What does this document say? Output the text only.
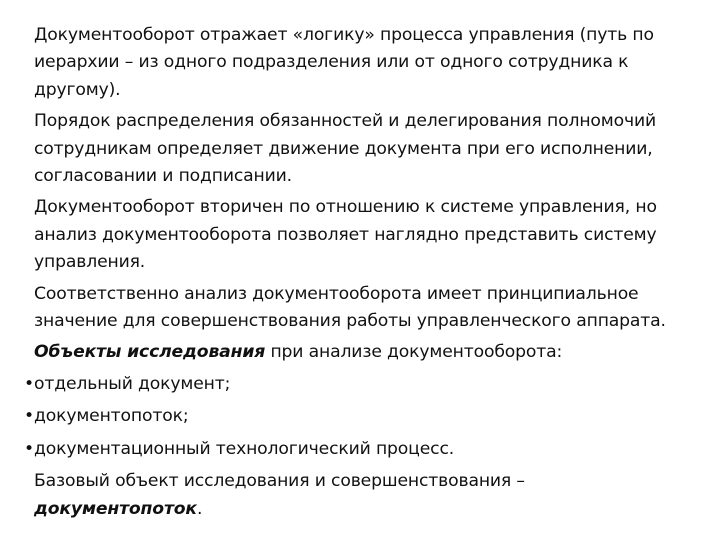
Документооборот отражает «логику» процесса управления (путь по иерархии – из одного подразделения или от одного сотрудника к другому).

Порядок распределения обязанностей и делегирования полномочий сотрудникам определяет движение документа при его исполнении, согласовании и подписании.

Документооборот вторичен по отношению к системе управления, но анализ документооборота позволяет наглядно представить систему управления.

Соответственно анализ документооборота имеет принципиальное значение для совершенствования работы управленческого аппарата.

Объекты исследования при анализе документооборота:

• отдельный документ;
• документопоток;
• документационный технологический процесс.

Базовый объект исследования и совершенствования – документопоток.
